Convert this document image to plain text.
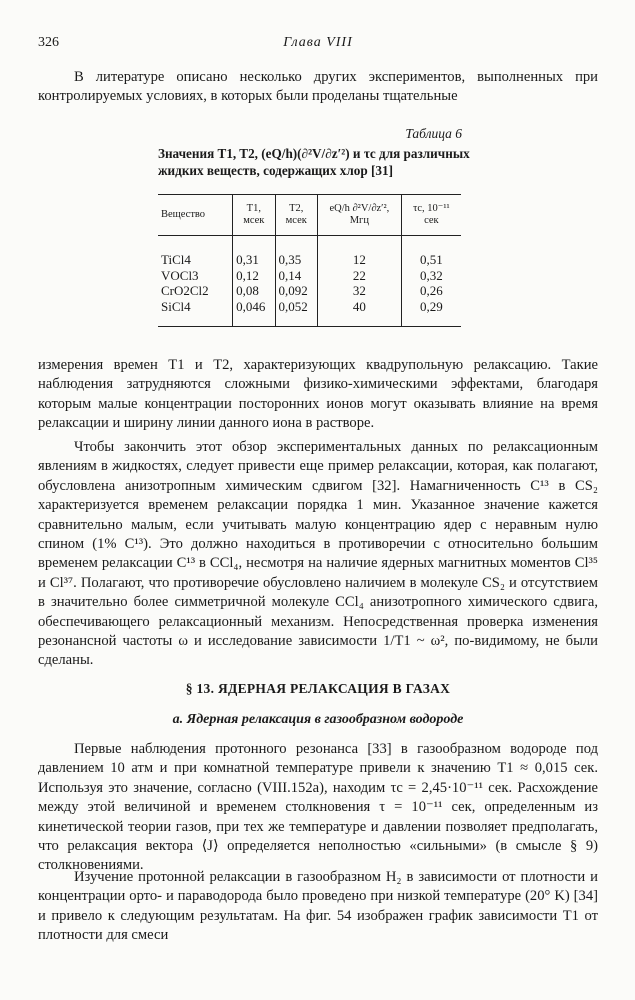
326	Глава VIII
В литературе описано несколько других экспериментов, выполненных при контролируемых условиях, в которых были проделаны тщательные
Таблица 6
Значения T1, T2, (eQ/h)(∂²V/∂z′²) и τc для различных жидких веществ, содержащих хлор [31]
Вещество	T1, мсек	T2, мсек	eQ/h ∂²V/∂z′², Мгц	τc, 10⁻¹¹ сек
TiCl4	0,31	0,35	12	0,51
VOCl3	0,12	0,14	22	0,32
CrO2Cl2	0,08	0,092	32	0,26
SiCl4	0,046	0,052	40	0,29
измерения времен T1 и T2, характеризующих квадрупольную релаксацию. Такие наблюдения затрудняются сложными физико-химическими эффектами, благодаря которым малые концентрации посторонних ионов могут оказывать влияние на время релаксации и ширину линии данного иона в растворе.
Чтобы закончить этот обзор экспериментальных данных по релаксационным явлениям в жидкостях, следует привести еще пример релаксации, которая, как полагают, обусловлена анизотропным химическим сдвигом [32]. Намагниченность C¹³ в CS₂ характеризуется временем релаксации порядка 1 мин. Указанное значение кажется сравнительно малым, если учитывать малую концентрацию ядер с неравным нулю спином (1% C¹³). Это должно находиться в противоречии с относительно большим временем релаксации C¹³ в CCl₄, несмотря на наличие ядерных магнитных моментов Cl³⁵ и Cl³⁷. Полагают, что противоречие обусловлено наличием в молекуле CS₂ и отсутствием в значительно более симметричной молекуле CCl₄ анизотропного химического сдвига, обеспечивающего релаксационный механизм. Непосредственная проверка изменения резонансной частоты ω и исследование зависимости 1/T1 ~ ω², по-видимому, не были сделаны.
§ 13. ЯДЕРНАЯ РЕЛАКСАЦИЯ В ГАЗАХ
а. Ядерная релаксация в газообразном водороде
Первые наблюдения протонного резонанса [33] в газообразном водороде под давлением 10 атм и при комнатной температуре привели к значению T1 ≈ 0,015 сек. Используя это значение, согласно (VIII.152а), находим τc = 2,45·10⁻¹¹ сек. Расхождение между этой величиной и временем столкновения τ = 10⁻¹¹ сек, определенным из кинетической теории газов, при тех же температуре и давлении позволяет предполагать, что релаксация вектора ⟨J⟩ определяется неполностью «сильными» (в смысле § 9) столкновениями.
Изучение протонной релаксации в газообразном H₂ в зависимости от плотности и концентрации орто- и параводорода было проведено при низкой температуре (20° K) [34] и привело к следующим результатам. На фиг. 54 изображен график зависимости T1 от плотности для смеси
